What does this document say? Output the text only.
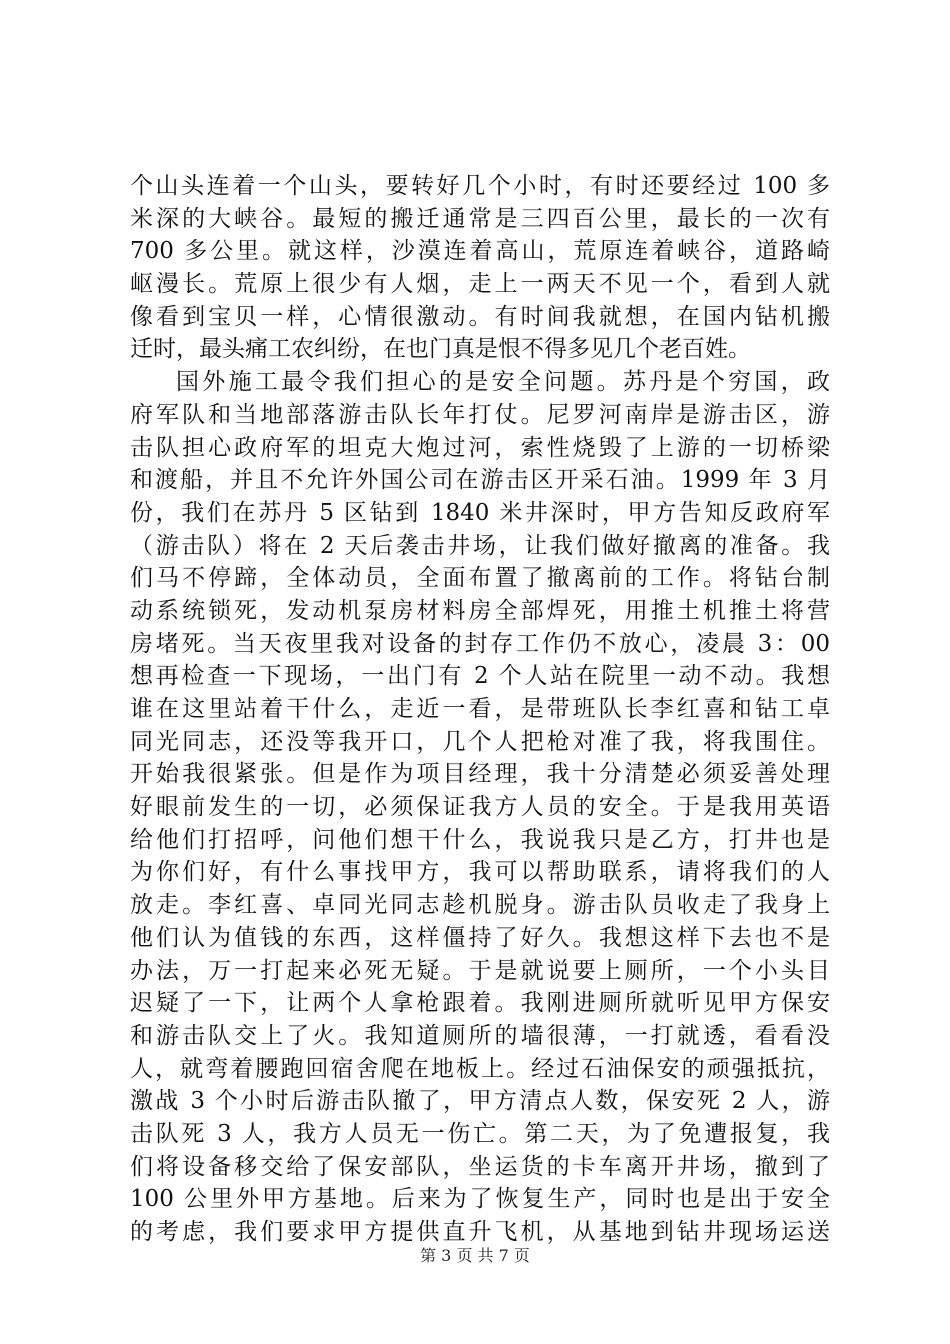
个山头连着一个山头，要转好几个小时，有时还要经过 100 多
米深的大峡谷。最短的搬迁通常是三四百公里，最长的一次有
700 多公里。就这样，沙漠连着高山，荒原连着峡谷，道路崎
岖漫长。荒原上很少有人烟，走上一两天不见一个，看到人就
像看到宝贝一样，心情很激动。有时间我就想，在国内钻机搬
迁时，最头痛工农纠纷，在也门真是恨不得多见几个老百姓。
国外施工最令我们担心的是安全问题。苏丹是个穷国，政
府军队和当地部落游击队长年打仗。尼罗河南岸是游击区，游
击队担心政府军的坦克大炮过河，索性烧毁了上游的一切桥梁
和渡船，并且不允许外国公司在游击区开采石油。1999 年 3 月
份，我们在苏丹 5 区钻到 1840 米井深时，甲方告知反政府军
（游击队）将在 2 天后袭击井场，让我们做好撤离的准备。我
们马不停蹄，全体动员，全面布置了撤离前的工作。将钻台制
动系统锁死，发动机泵房材料房全部焊死，用推土机推土将营
房堵死。当天夜里我对设备的封存工作仍不放心，凌晨 3：00
想再检查一下现场，一出门有 2 个人站在院里一动不动。我想
谁在这里站着干什么，走近一看，是带班队长李红喜和钻工卓
同光同志，还没等我开口，几个人把枪对准了我，将我围住。
开始我很紧张。但是作为项目经理，我十分清楚必须妥善处理
好眼前发生的一切，必须保证我方人员的安全。于是我用英语
给他们打招呼，问他们想干什么，我说我只是乙方，打井也是
为你们好，有什么事找甲方，我可以帮助联系，请将我们的人
放走。李红喜、卓同光同志趁机脱身。游击队员收走了我身上
他们认为值钱的东西，这样僵持了好久。我想这样下去也不是
办法，万一打起来必死无疑。于是就说要上厕所，一个小头目
迟疑了一下，让两个人拿枪跟着。我刚进厕所就听见甲方保安
和游击队交上了火。我知道厕所的墙很薄，一打就透，看看没
人，就弯着腰跑回宿舍爬在地板上。经过石油保安的顽强抵抗，
激战 3 个小时后游击队撤了，甲方清点人数，保安死 2 人，游
击队死 3 人，我方人员无一伤亡。第二天，为了免遭报复，我
们将设备移交给了保安部队，坐运货的卡车离开井场，撤到了
100 公里外甲方基地。后来为了恢复生产，同时也是出于安全
的考虑，我们要求甲方提供直升飞机，从基地到钻井现场运送
第 3 页 共 7 页
